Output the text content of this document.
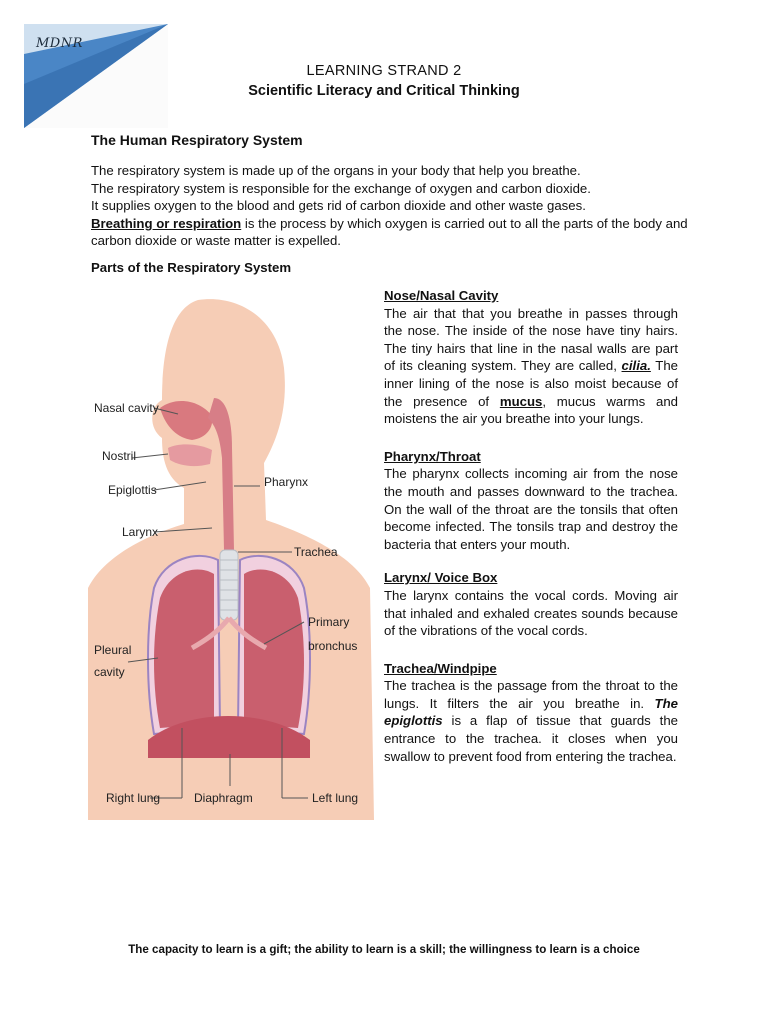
MDNR
LEARNING STRAND 2
Scientific Literacy and Critical Thinking
The Human Respiratory System

The respiratory system is made up of the organs in your body that help you breathe.

The respiratory system is responsible for the exchange of oxygen and carbon dioxide.

It supplies oxygen to the blood and gets rid of carbon dioxide and other waste gases.

Breathing or respiration is the process by which oxygen is carried out to all the parts of the body and carbon dioxide or waste matter is expelled.

Parts of the Respiratory System
Nasal cavity
Nostril
Epiglottis
Larynx
Pharynx
Trachea
Primary
bronchus
Pleural
cavity
Right lung	Diaphragm	Left lung
Nose/Nasal Cavity

The air that that you breathe in passes through the nose. The inside of the nose have tiny hairs. The tiny hairs that line in the nasal walls are part of its cleaning system. They are called, cilia. The inner lining of the nose is also moist because of the presence of mucus, mucus warms and moistens the air you breathe into your lungs.

Pharynx/Throat

The pharynx collects incoming air from the nose the mouth and passes downward to the trachea. On the wall of the throat are the tonsils that often become infected. The tonsils trap and destroy the bacteria that enters your mouth.

Larynx/ Voice Box

The larynx contains the vocal cords. Moving air that inhaled and exhaled creates sounds because of the vibrations of the vocal cords.

Trachea/Windpipe

The trachea is the passage from the throat to the lungs. It filters the air you breathe in. The epiglottis is a flap of tissue that guards the entrance to the trachea. it closes when you swallow to prevent food from entering the trachea.

The capacity to learn is a gift; the ability to learn is a skill; the willingness to learn is a choice
